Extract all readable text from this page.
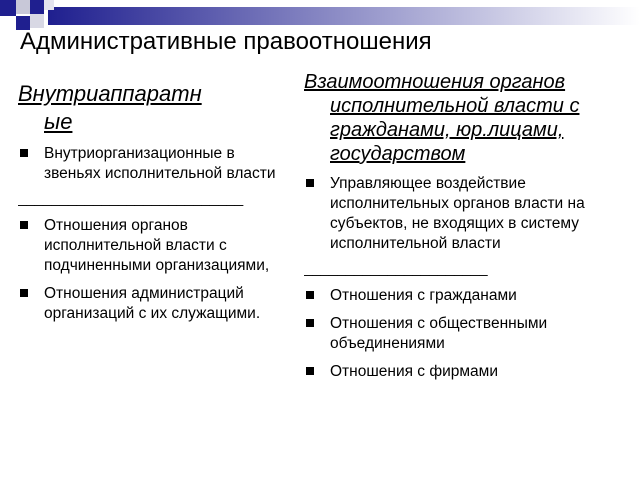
Административные правоотношения
Внутриаппаратн
ые
Внутриорганизационные в звеньях исполнительной власти
___________________________
Отношения органов исполнительной власти с подчиненными организациями,
Отношения администраций организаций с их служащими.
Взаимоотношения органов исполнительной власти с гражданами, юр.лицами, государством
Управляющее воздействие исполнительных органов власти на субъектов, не входящих в систему исполнительной власти
______________________
Отношения с гражданами
Отношения с общественными объединениями
Отношения с фирмами
